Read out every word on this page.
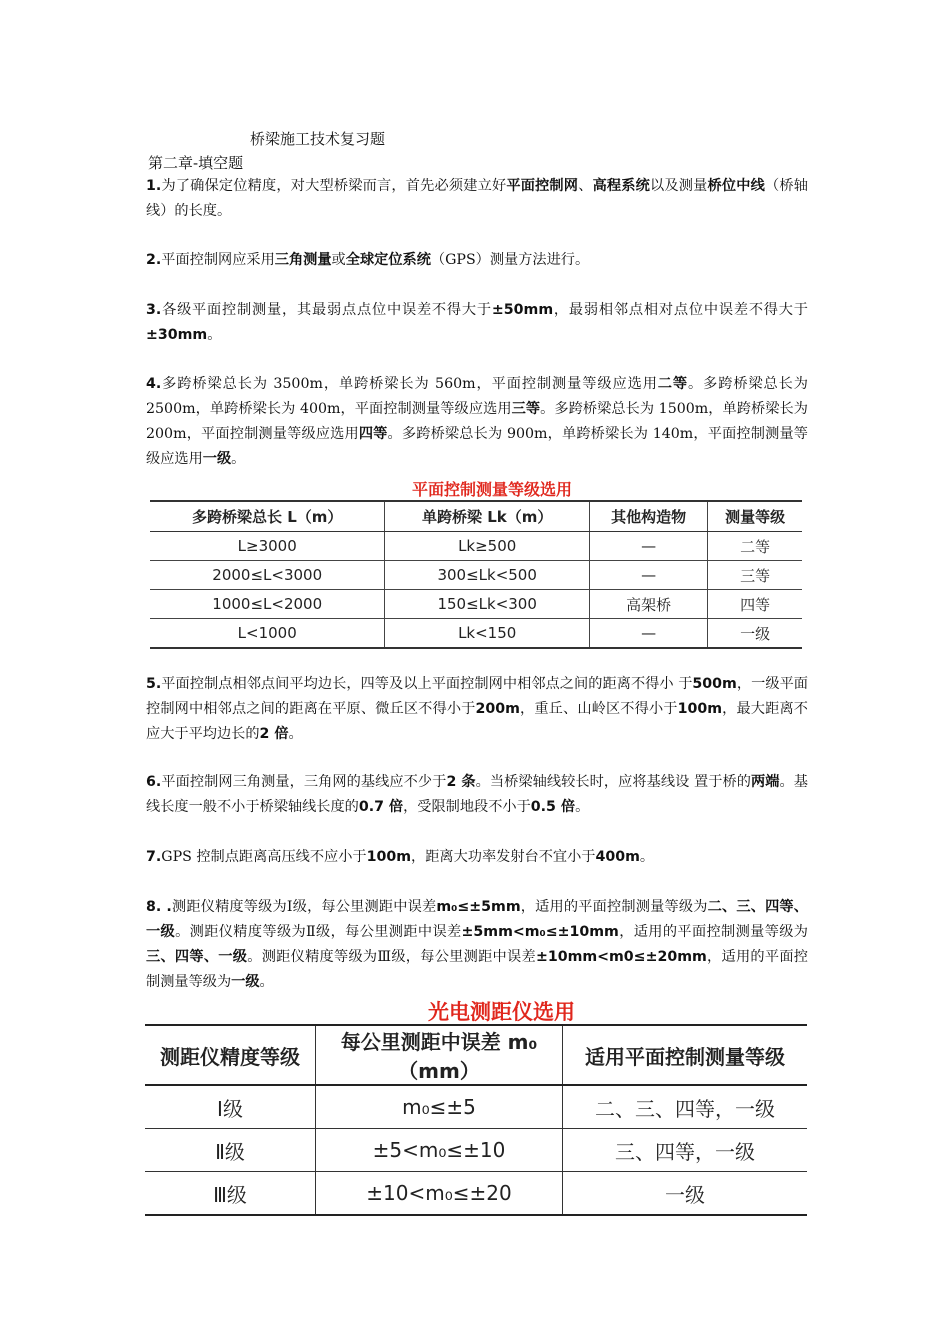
桥梁施工技术复习题
第二章-填空题
1.为了确保定位精度，对大型桥梁而言，首先必须建立好平面控制网、高程系统以及测量桥位中线（桥轴线）的长度。
2.平面控制网应采用三角测量或全球定位系统（GPS）测量方法进行。
3.各级平面控制测量，其最弱点点位中误差不得大于±50mm，最弱相邻点相对点位中误差不得大于±30mm。
4.多跨桥梁总长为 3500m，单跨桥梁长为 560m，平面控制测量等级应选用二等。多跨桥梁总长为 2500m，单跨桥梁长为 400m，平面控制测量等级应选用三等。多跨桥梁总长为 1500m，单跨桥梁长为 200m，平面控制测量等级应选用四等。多跨桥梁总长为 900m，单跨桥梁长为 140m，平面控制测量等级应选用一级。
平面控制测量等级选用
多跨桥梁总长 L（m）	单跨桥梁 Lk（m）	其他构造物	测量等级
L≥3000	Lk≥500	—	二等
2000≤L<3000	300≤Lk<500	—	三等
1000≤L<2000	150≤Lk<300	高架桥	四等
L<1000	Lk<150	—	一级
5.平面控制点相邻点间平均边长，四等及以上平面控制网中相邻点之间的距离不得小 于500m，一级平面控制网中相邻点之间的距离在平原、微丘区不得小于200m，重丘、山岭区不得小于100m，最大距离不应大于平均边长的2 倍。
6.平面控制网三角测量，三角网的基线应不少于2 条。当桥梁轴线较长时，应将基线设 置于桥的两端。基线长度一般不小于桥梁轴线长度的0.7 倍，受限制地段不小于0.5 倍。
7.GPS 控制点距离高压线不应小于100m，距离大功率发射台不宜小于400m。
8. .测距仪精度等级为Ⅰ级，每公里测距中误差m₀≤±5mm，适用的平面控制测量等级为二、三、四等、一级。测距仪精度等级为Ⅱ级，每公里测距中误差±5mm<m₀≤±10mm，适用的平面控制测量等级为三、四等、一级。测距仪精度等级为Ⅲ级，每公里测距中误差±10mm<m0≤±20mm，适用的平面控制测量等级为一级。
光电测距仪选用
测距仪精度等级	每公里测距中误差 m₀（mm）	适用平面控制测量等级
Ⅰ级	m₀≤±5	二、三、四等，一级
Ⅱ级	±5<m₀≤±10	三、四等，一级
Ⅲ级	±10<m₀≤±20	一级
